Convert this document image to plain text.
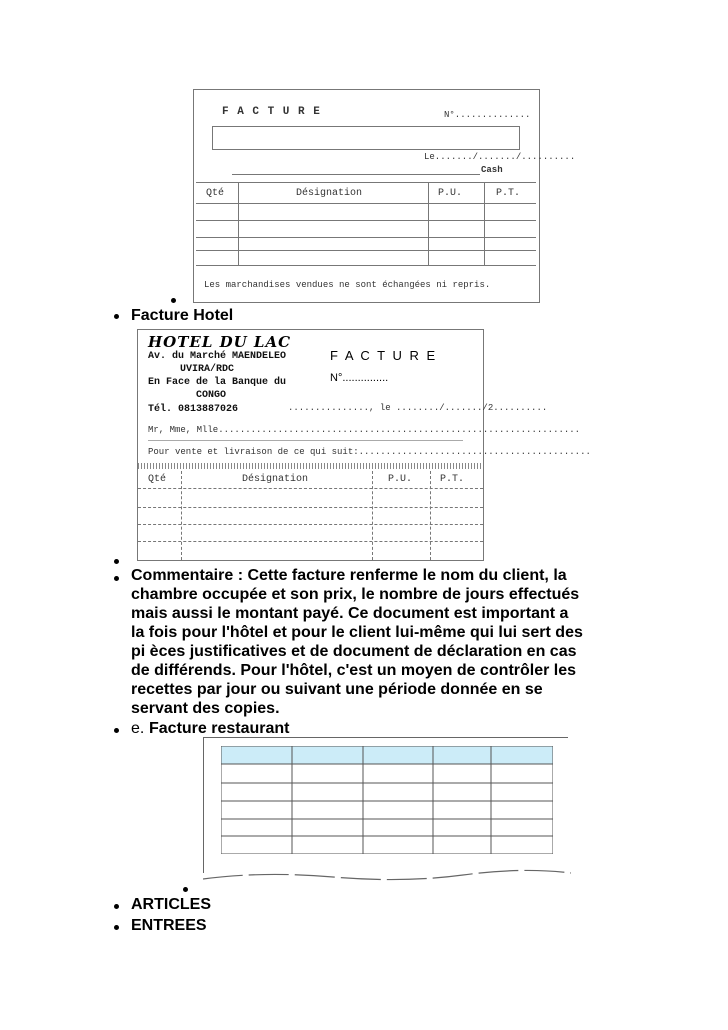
F A C T U R E	N°..............
Le......./......./..........
Cash
Qté	Désignation	P.U.	P.T.
Les marchandises vendues ne sont échangées ni repris.
Facture Hotel
HOTEL DU LAC
Av. du Marché MAENDELEO
UVIRA/RDC
En Face de la Banque du
CONGO
Tél. 0813887026
F A C T U R E
N°...............
..............., le ......../......./2..........
Mr, Mme, Mlle...................................................................
Pour vente et livraison de ce qui suit:...........................................
Qté	Désignation	P.U.	P.T.
Commentaire : Cette facture renferme le nom du client, la
chambre occupée et son prix, le nombre de jours effectués
mais aussi le montant payé. Ce document est important a
la fois pour l'hôtel et pour le client lui-même qui lui sert des
pi èces justificatives et de document de déclaration en cas
de différends. Pour l'hôtel, c'est un moyen de contrôler les
recettes par jour ou suivant une période donnée en se
servant des copies.
e. Facture restaurant
ARTICLES
ENTREES
